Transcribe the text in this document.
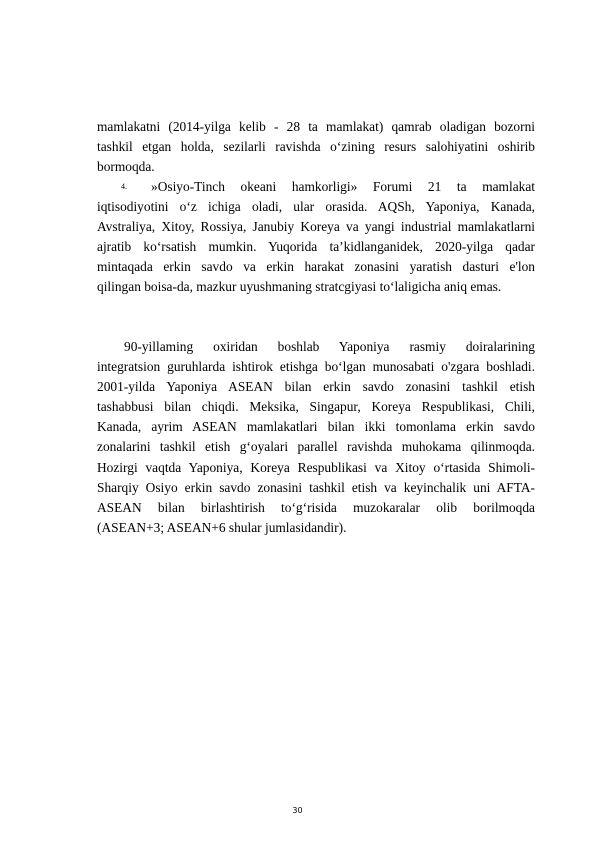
mamlakatni (2014-yilga kelib - 28 ta mamlakat) qamrab oladigan bozorni
tashkil etgan holda, sezilarli ravishda o‘zining resurs salohiyatini oshirib
bormoqda.
4.	»Osiyo-Tinch okeani hamkorligi» Forumi 21 ta mamlakat
iqtisodiyotini o‘z ichiga oladi, ular orasida. AQSh, Yaponiya, Kanada,
Avstraliya, Xitoy, Rossiya, Janubiy Koreya va yangi industrial mamlakatlarni
ajratib ko‘rsatish mumkin. Yuqorida ta’kidlanganidek, 2020-yilga qadar
mintaqada erkin savdo va erkin harakat zonasini yaratish dasturi e'lon
qilingan boisa-da, mazkur uyushmaning stratcgiyasi to‘laligicha aniq emas.
90-yillaming oxiridan boshlab Yaponiya rasmiy doiralarining
integratsion guruhlarda ishtirok etishga bo‘lgan munosabati o'zgara boshladi.
2001-yilda Yaponiya ASEAN bilan erkin savdo zonasini tashkil etish
tashabbusi bilan chiqdi. Meksika, Singapur, Koreya Respublikasi, Chili,
Kanada, ayrim ASEAN mamlakatlari bilan ikki tomonlama erkin savdo
zonalarini tashkil etish g‘oyalari parallel ravishda muhokama qilinmoqda.
Hozirgi vaqtda Yaponiya, Koreya Respublikasi va Xitoy o‘rtasida Shimoli-
Sharqiy Osiyo erkin savdo zonasini tashkil etish va keyinchalik uni AFTA-
ASEAN bilan birlashtirish to‘g‘risida muzokaralar olib borilmoqda
(ASEAN+3; ASEAN+6 shular jumlasidandir).
30
